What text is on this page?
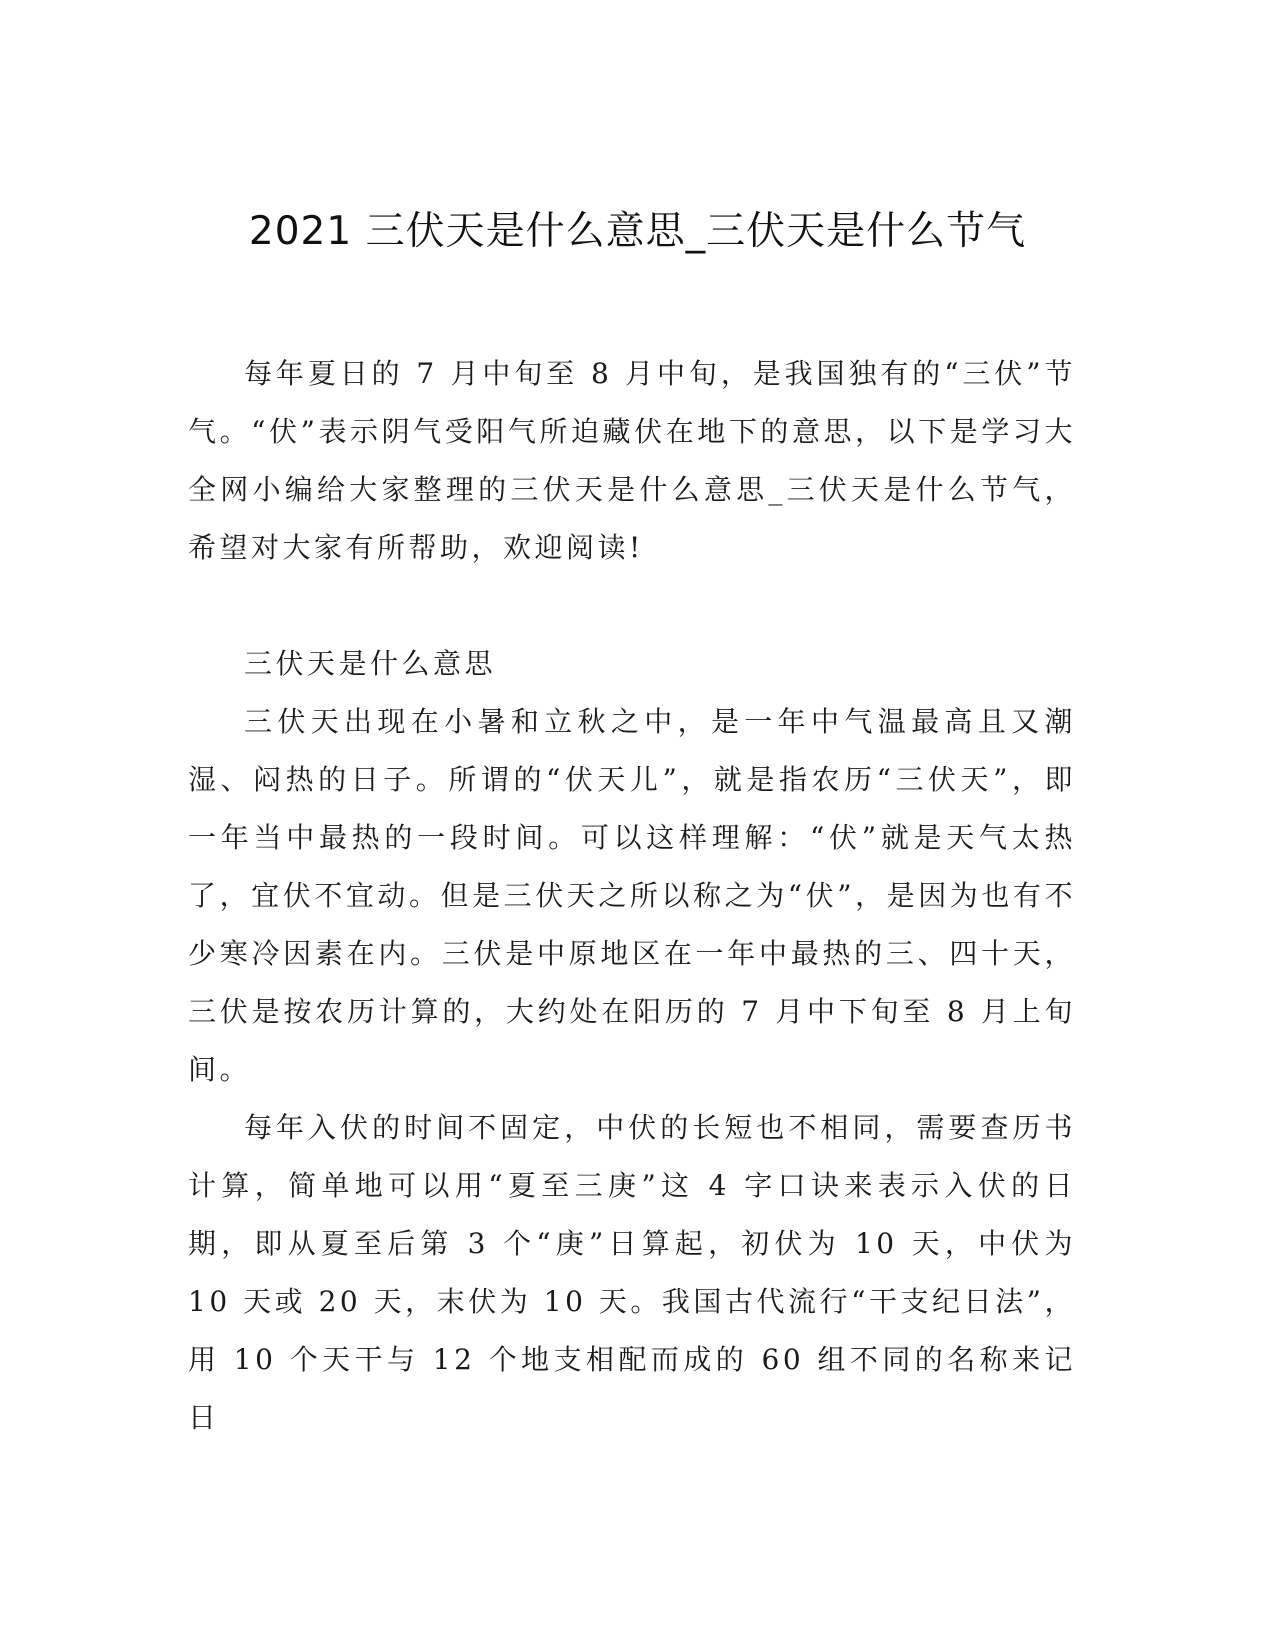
2021 三伏天是什么意思_三伏天是什么节气

每年夏日的 7 月中旬至 8 月中旬，是我国独有的“三伏”节气。“伏”表示阴气受阳气所迫藏伏在地下的意思，以下是学习大全网小编给大家整理的三伏天是什么意思_三伏天是什么节气，希望对大家有所帮助，欢迎阅读!

三伏天是什么意思

三伏天出现在小暑和立秋之中，是一年中气温最高且又潮湿、闷热的日子。所谓的“伏天儿”，就是指农历“三伏天”，即一年当中最热的一段时间。可以这样理解：“伏”就是天气太热了，宜伏不宜动。但是三伏天之所以称之为“伏”，是因为也有不少寒冷因素在内。三伏是中原地区在一年中最热的三、四十天，三伏是按农历计算的，大约处在阳历的 7 月中下旬至 8 月上旬间。

每年入伏的时间不固定，中伏的长短也不相同，需要查历书计算，简单地可以用“夏至三庚”这 4 字口诀来表示入伏的日期，即从夏至后第 3 个“庚”日算起，初伏为 10 天，中伏为 10 天或 20 天，末伏为 10 天。我国古代流行“干支纪日法”，用 10 个天干与 12 个地支相配而成的 60 组不同的名称来记日
